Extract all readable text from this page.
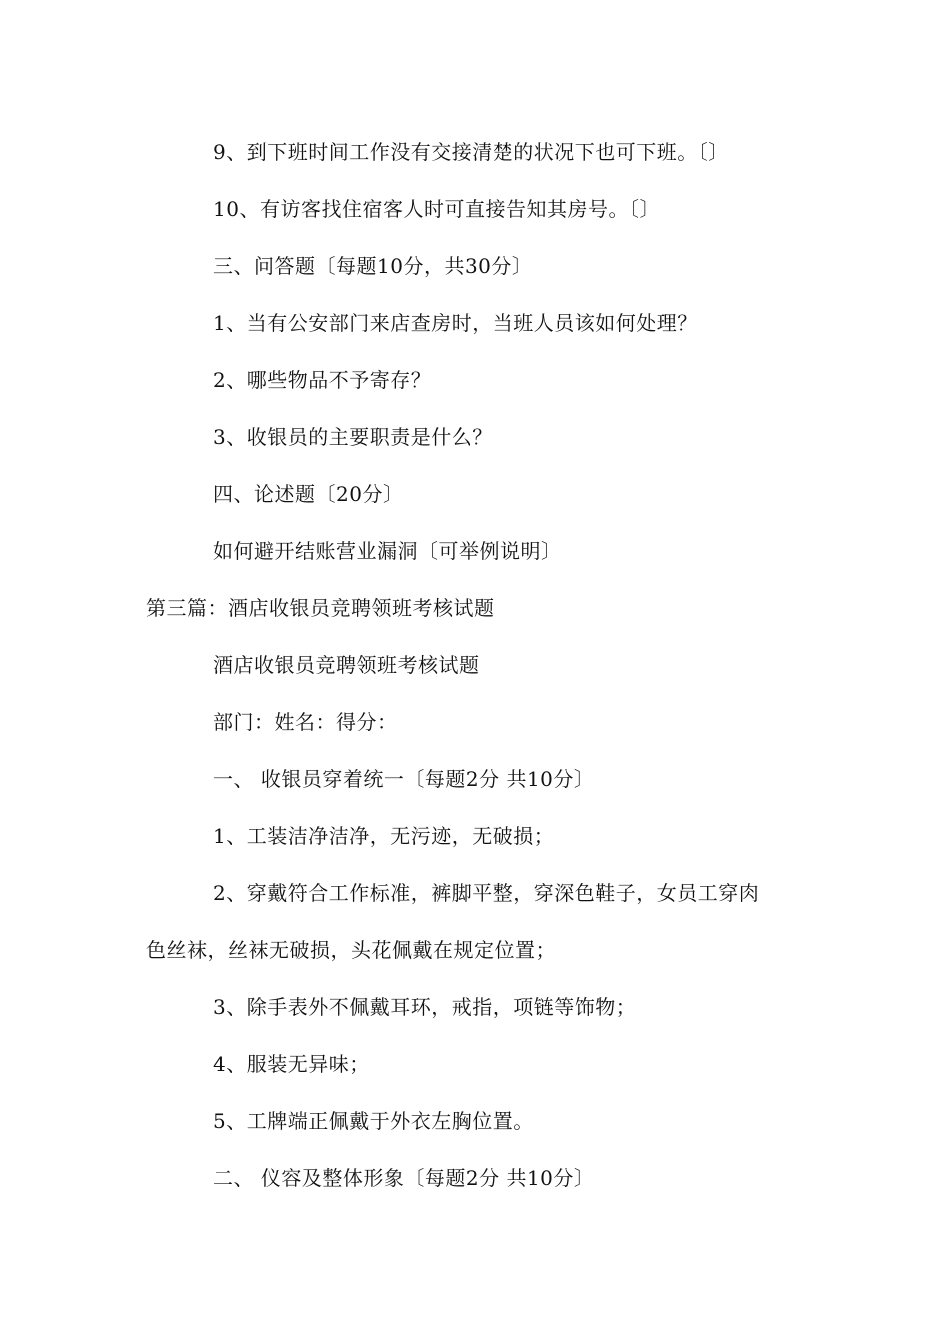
9、到下班时间工作没有交接清楚的状况下也可下班。〔〕
10、有访客找住宿客人时可直接告知其房号。〔〕
三、问答题〔每题10分，共30分〕
1、当有公安部门来店查房时，当班人员该如何处理？
2、哪些物品不予寄存？
3、收银员的主要职责是什么？
四、论述题〔20分〕
如何避开结账营业漏洞〔可举例说明〕
第三篇：酒店收银员竞聘领班考核试题
酒店收银员竞聘领班考核试题
部门：姓名：得分：
一、 收银员穿着统一〔每题2分 共10分〕
1、工装洁净洁净，无污迹，无破损；
2、穿戴符合工作标准，裤脚平整，穿深色鞋子，女员工穿肉
色丝袜，丝袜无破损，头花佩戴在规定位置；
3、除手表外不佩戴耳环，戒指，项链等饰物；
4、服装无异味；
5、工牌端正佩戴于外衣左胸位置。
二、 仪容及整体形象〔每题2分 共10分〕
